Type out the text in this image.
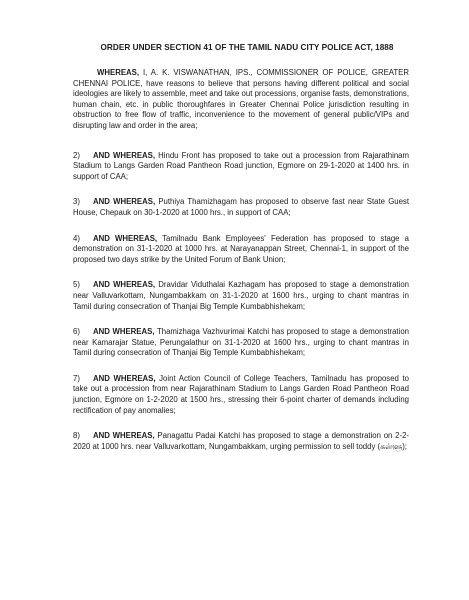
ORDER UNDER SECTION 41 OF THE TAMIL NADU CITY POLICE ACT, 1888

WHEREAS, I, A. K. VISWANATHAN, IPS., COMMISSIONER OF POLICE, GREATER CHENNAI POLICE, have reasons to believe that persons having different political and social ideologies are likely to assemble, meet and take out processions, organise fasts, demonstrations, human chain, etc. in public thoroughfares in Greater Chennai Police jurisdiction resulting in obstruction to free flow of traffic, inconvenience to the movement of general public/VIPs and disrupting law and order in the area;

2) AND WHEREAS, Hindu Front has proposed to take out a procession from Rajarathinam Stadium to Langs Garden Road Pantheon Road junction, Egmore on 29-1-2020 at 1400 hrs. in support of CAA;

3) AND WHEREAS, Puthiya Thamizhagam has proposed to observe fast near State Guest House, Chepauk on 30-1-2020 at 1000 hrs., in support of CAA;

4) AND WHEREAS, Tamilnadu Bank Employees' Federation has proposed to stage a demonstration on 31-1-2020 at 1000 hrs. at Narayanappan Street, Chennai-1, in support of the proposed two days strike by the United Forum of Bank Union;

5) AND WHEREAS, Dravidar Viduthalai Kazhagam has proposed to stage a demonstration near Valluvarkottam, Nungambakkam on 31-1-2020 at 1600 hrs., urging to chant mantras in Tamil during consecration of Thanjai Big Temple Kumbabhishekam;

6) AND WHEREAS, Thamizhaga Vazhvurimai Katchi has proposed to stage a demonstration near Kamarajar Statue, Perungalathur on 31-1-2020 at 1600 hrs., urging to chant mantras in Tamil during consecration of Thanjai Big Temple Kumbabhishekam;

7) AND WHEREAS, Joint Action Council of College Teachers, Tamilnadu has proposed to take out a procession from near Rajarathinam Stadium to Langs Garden Road Pantheon Road junction, Egmore on 1-2-2020 at 1500 hrs., stressing their 6-point charter of demands including rectification of pay anomalies;

8) AND WHEREAS, Panagattu Padai Katchi has proposed to stage a demonstration on 2-2-2020 at 1000 hrs. near Valluvarkottam, Nungambakkam, urging permission to sell toddy (கள்ளு);
